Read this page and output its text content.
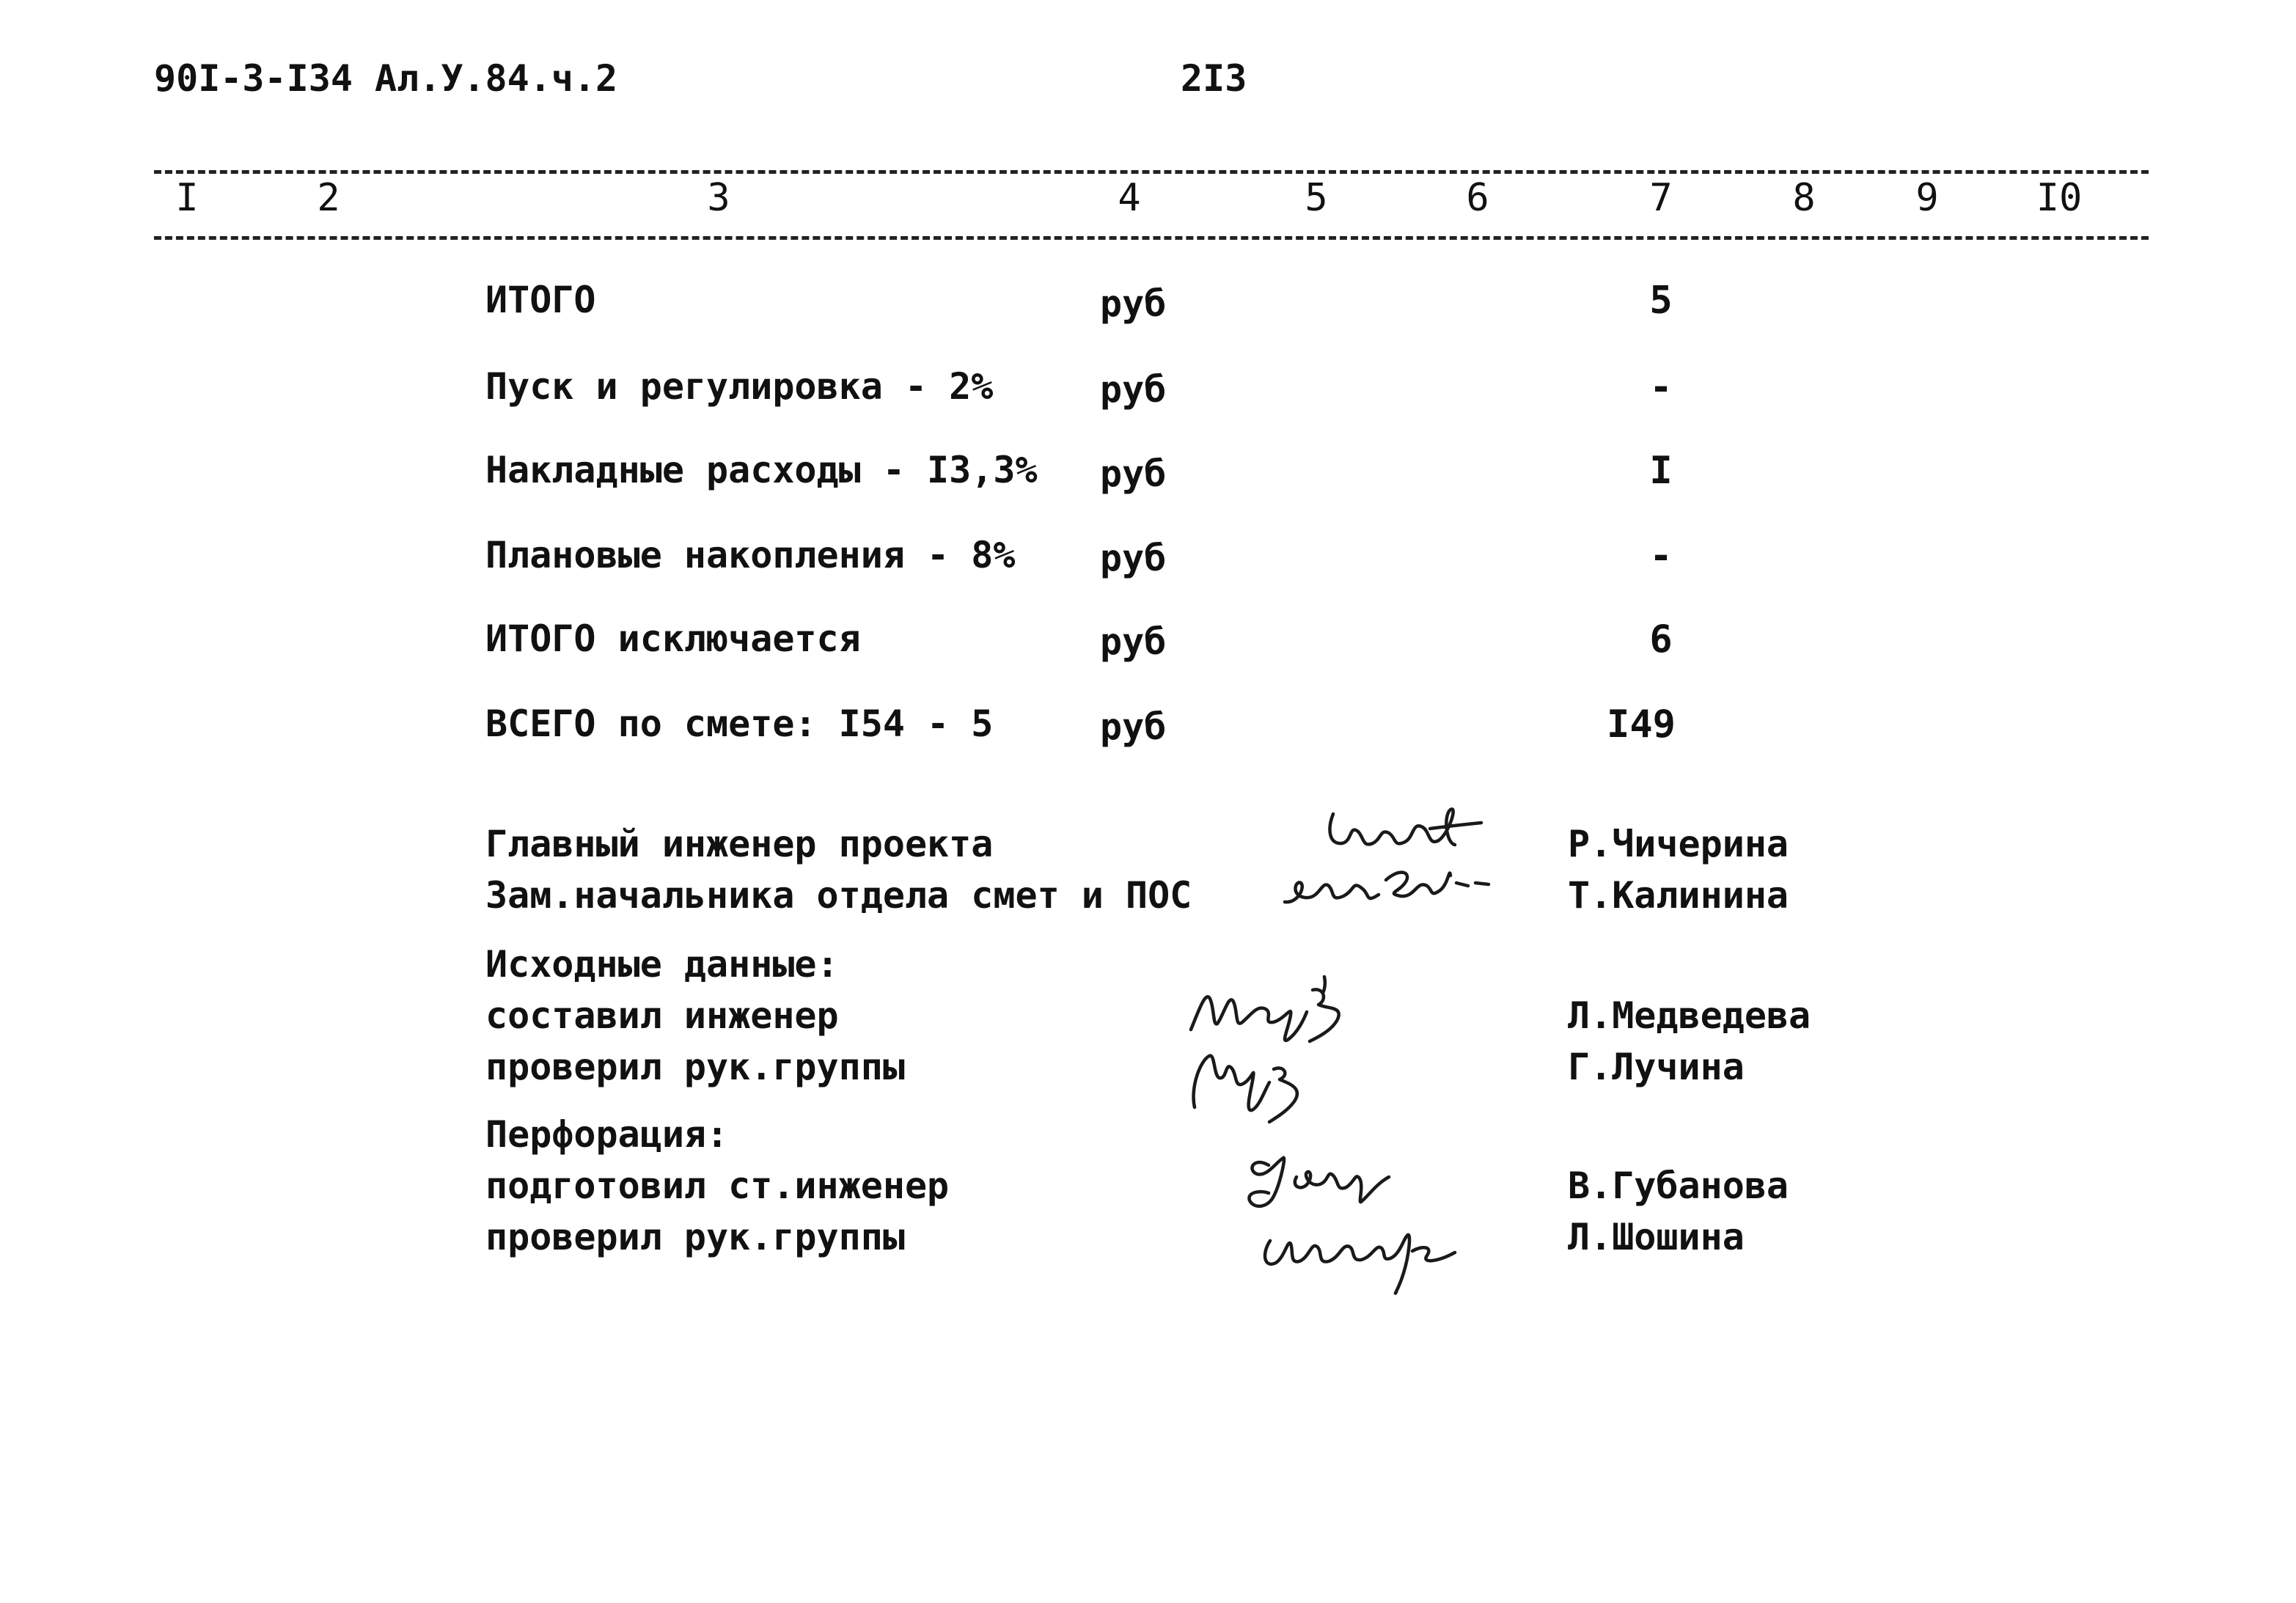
90I-3-I34 Ал.У.84.ч.2	2I3
I	2	3	4	5	6	7	8	9	I0
ИТОГО	руб	5
Пуск и регулировка - 2%	руб	-
Накладные расходы - I3,3% руб	I
Плановые накопления - 8% руб	-
ИТОГО исключается	руб	6
ВСЕГО по смете: I54 - 5	руб	I49
Главный инженер проекта	Р.Чичерина
Зам.начальника отдела смет и ПОС	Т.Калинина
Исходные данные:
составил инженер	Л.Медведева
проверил рук.группы	Г.Лучина
Перфорация:
подготовил ст.инженер	В.Губанова
проверил рук.группы	Л.Шошина
